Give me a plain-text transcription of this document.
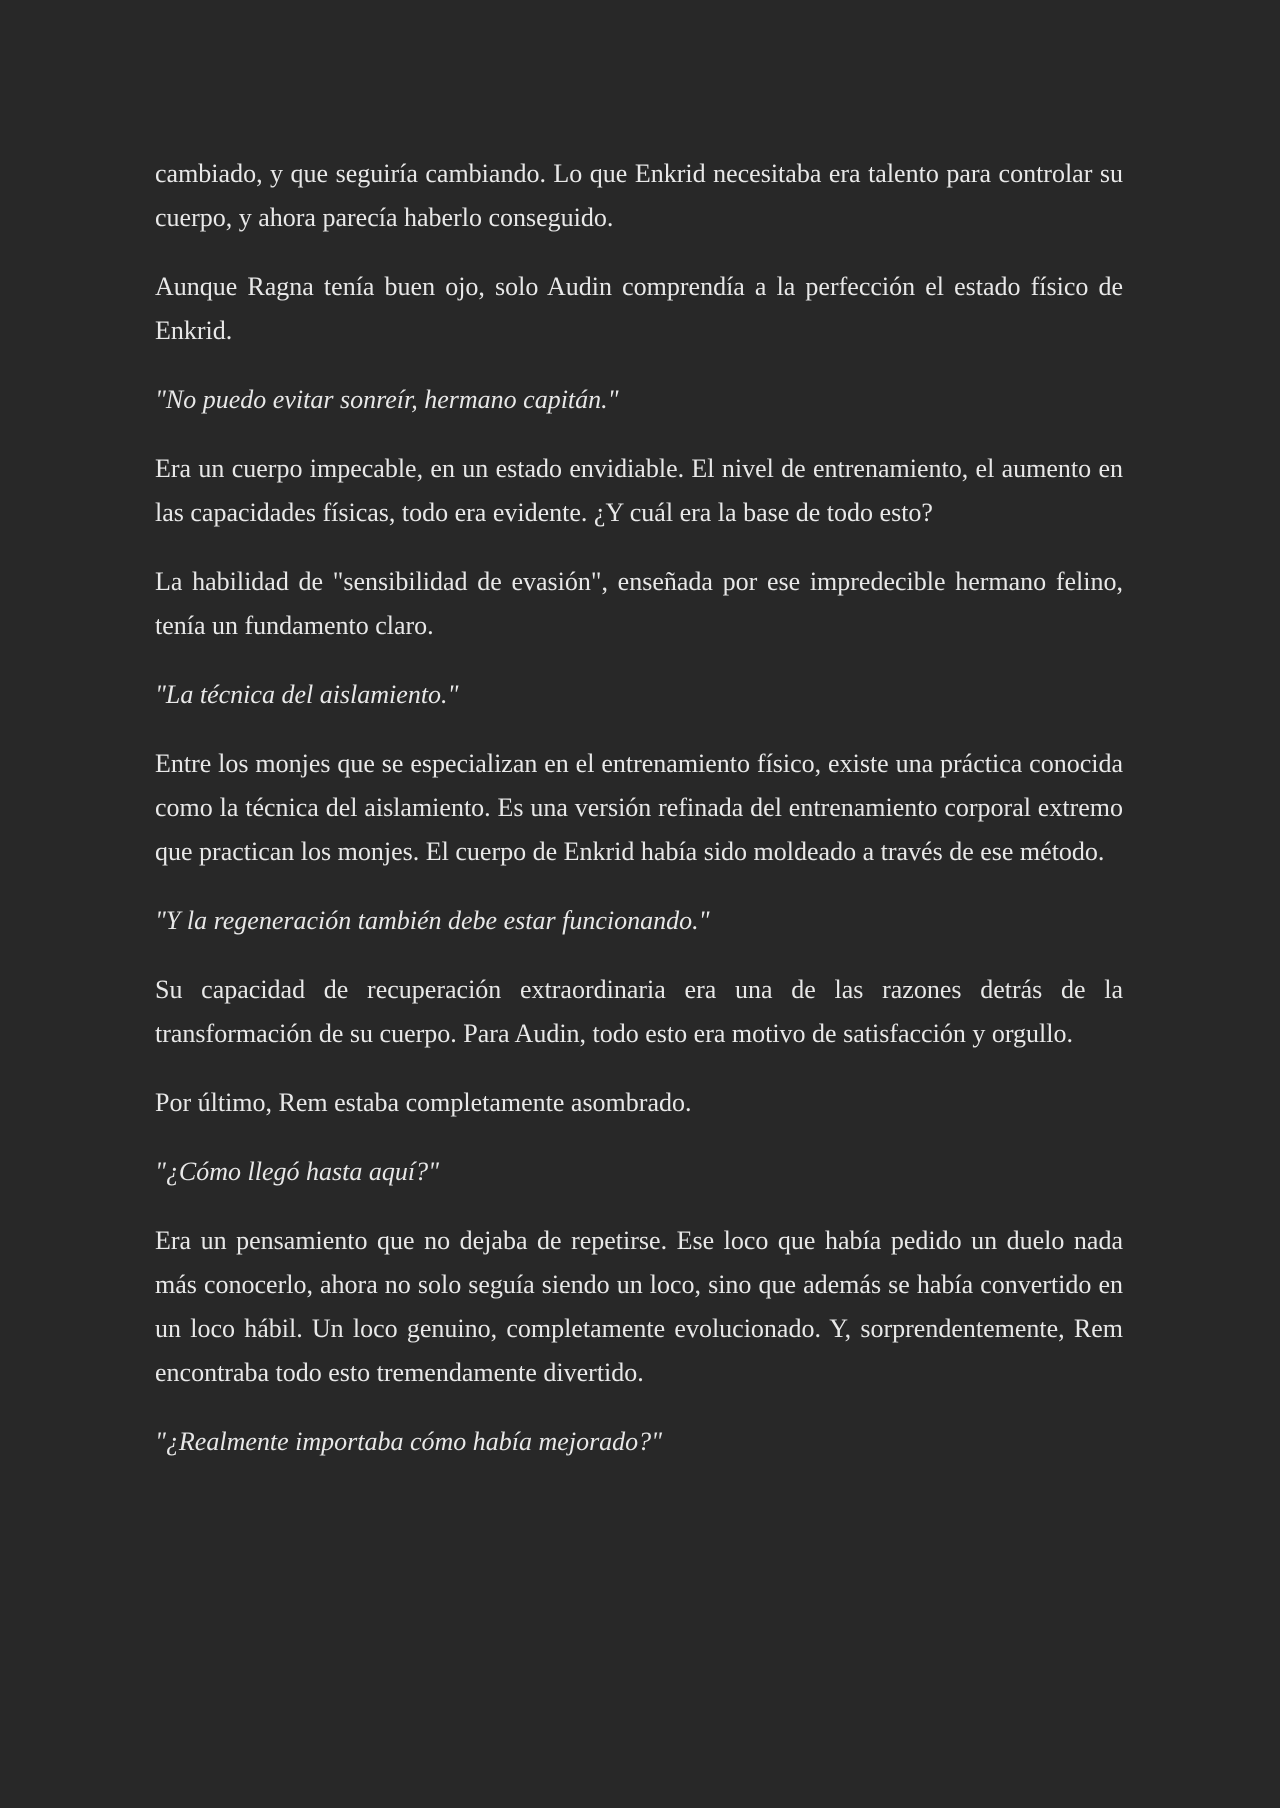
cambiado, y que seguiría cambiando. Lo que Enkrid necesitaba era talento para controlar su cuerpo, y ahora parecía haberlo conseguido.

Aunque Ragna tenía buen ojo, solo Audin comprendía a la perfección el estado físico de Enkrid.

"No puedo evitar sonreír, hermano capitán."

Era un cuerpo impecable, en un estado envidiable. El nivel de entrenamiento, el aumento en las capacidades físicas, todo era evidente. ¿Y cuál era la base de todo esto?

La habilidad de "sensibilidad de evasión", enseñada por ese impredecible hermano felino, tenía un fundamento claro.

"La técnica del aislamiento."

Entre los monjes que se especializan en el entrenamiento físico, existe una práctica conocida como la técnica del aislamiento. Es una versión refinada del entrenamiento corporal extremo que practican los monjes. El cuerpo de Enkrid había sido moldeado a través de ese método.

"Y la regeneración también debe estar funcionando."

Su capacidad de recuperación extraordinaria era una de las razones detrás de la transformación de su cuerpo. Para Audin, todo esto era motivo de satisfacción y orgullo.

Por último, Rem estaba completamente asombrado.

"¿Cómo llegó hasta aquí?"

Era un pensamiento que no dejaba de repetirse. Ese loco que había pedido un duelo nada más conocerlo, ahora no solo seguía siendo un loco, sino que además se había convertido en un loco hábil. Un loco genuino, completamente evolucionado. Y, sorprendentemente, Rem encontraba todo esto tremendamente divertido.

"¿Realmente importaba cómo había mejorado?"
